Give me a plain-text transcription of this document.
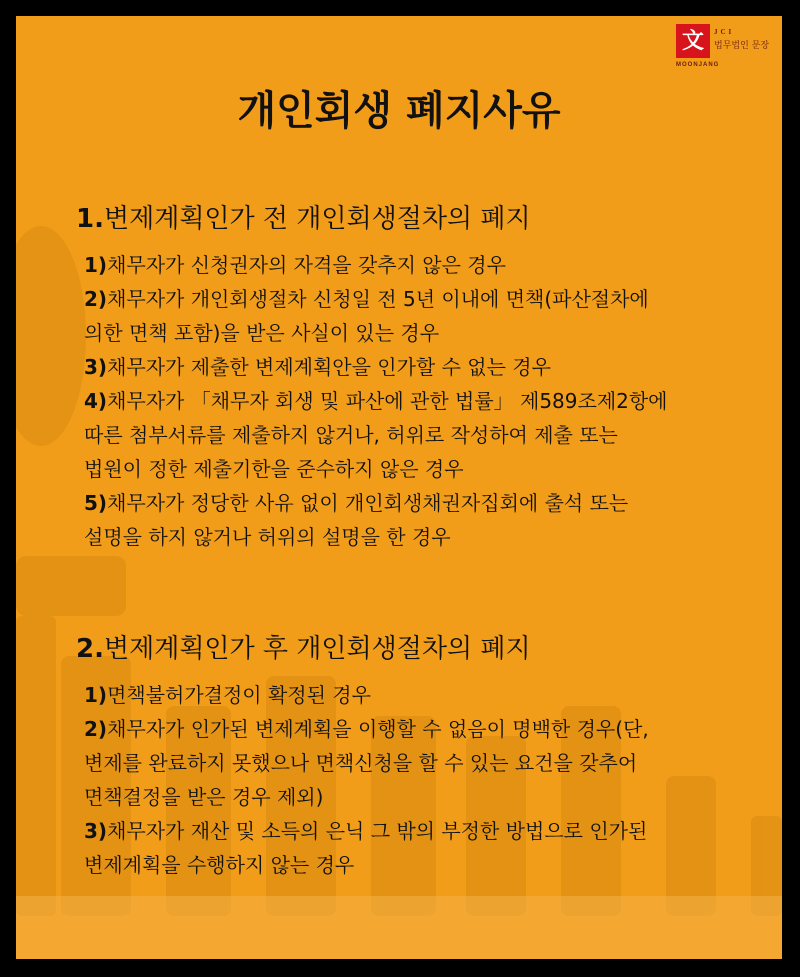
文
MOONJANG
JCI
법무법인 문장
개인회생 폐지사유
1.변제계획인가 전 개인회생절차의 폐지
1)채무자가 신청권자의 자격을 갖추지 않은 경우
2)채무자가 개인회생절차 신청일 전 5년 이내에 면책(파산절차에
의한 면책 포함)을 받은 사실이 있는 경우
3)채무자가 제출한 변제계획안을 인가할 수 없는 경우
4)채무자가 「채무자 회생 및 파산에 관한 법률」 제589조제2항에
따른 첨부서류를 제출하지 않거나, 허위로 작성하여 제출 또는
법원이 정한 제출기한을 준수하지 않은 경우
5)채무자가 정당한 사유 없이 개인회생채권자집회에 출석 또는
설명을 하지 않거나 허위의 설명을 한 경우
2.변제계획인가 후 개인회생절차의 폐지
1)면책불허가결정이 확정된 경우
2)채무자가 인가된 변제계획을 이행할 수 없음이 명백한 경우(단,
변제를 완료하지 못했으나 면책신청을 할 수 있는 요건을 갖추어
면책결정을 받은 경우 제외)
3)채무자가 재산 및 소득의 은닉 그 밖의 부정한 방법으로 인가된
변제계획을 수행하지 않는 경우
